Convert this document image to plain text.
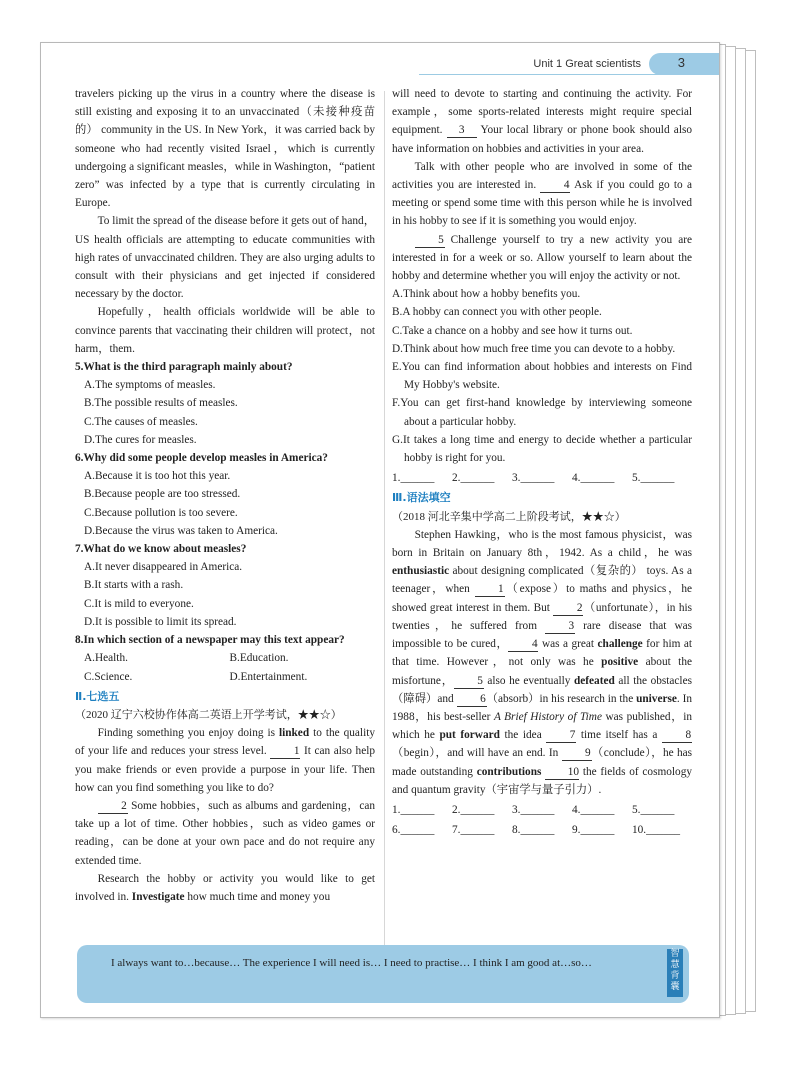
Unit 1 Great scientists	3

travelers picking up the virus in a country where the disease is still existing and exposing it to an unvaccinated（未接种疫苗的） community in the US. In New York，it was carried back by someone who had recently visited Israel，which is currently undergoing a significant measles，while in Washington，“patient zero” was infected by a type that is currently circulating in Europe.

To limit the spread of the disease before it gets out of hand，US health officials are attempting to educate communities with high rates of unvaccinated children. They are also urging adults to consult with their physicians and get injected if considered necessary by the doctor.

Hopefully，health officials worldwide will be able to convince parents that vaccinating their children will protect，not harm，them.

5.What is the third paragraph mainly about?

A.The symptoms of measles.

B.The possible results of measles.

C.The causes of measles.

D.The cures for measles.

6.Why did some people develop measles in America?

A.Because it is too hot this year.

B.Because people are too stressed.

C.Because pollution is too severe.

D.Because the virus was taken to America.

7.What do we know about measles?

A.It never disappeared in America.

B.It starts with a rash.

C.It is mild to everyone.

D.It is possible to limit its spread.

8.In which section of a newspaper may this text appear?

A.Health.	B.Education.
C.Science.	D.Entertainment.
Ⅱ.七选五
（2020 辽宁六校协作体高二英语上开学考试，★★☆）

Finding something you enjoy doing is linked to the quality of your life and reduces your stress level. 1 It can also help you make friends or even provide a purpose in your life. Then how can you find something you like to do?

2 Some hobbies，such as albums and gardening，can take up a lot of time. Other hobbies，such as video games or reading，can be done at your own pace and do not require any extended time.

Research the hobby or activity you would like to get involved in. Investigate how much time and money you

will need to devote to starting and continuing the activity. For example，some sports-related interests might require special equipment. 3 Your local library or phone book should also have information on hobbies and activities in your area.

Talk with other people who are involved in some of the activities you are interested in. 4 Ask if you could go to a meeting or spend some time with this person while he is involved in his hobby to see if it is something you would enjoy.

5 Challenge yourself to try a new activity you are interested in for a week or so. Allow yourself to learn about the hobby and determine whether you will enjoy the activity or not.

A.Think about how a hobby benefits you.

B.A hobby can connect you with other people.

C.Take a chance on a hobby and see how it turns out.

D.Think about how much free time you can devote to a hobby.

E.You can find information about hobbies and interests on Find My Hobby's website.

F.You can get first-hand knowledge by interviewing someone about a particular hobby.

G.It takes a long time and energy to decide whether a particular hobby is right for you.

1.______	2.______	3.______	4.______	5.______
Ⅲ.语法填空
（2018 河北辛集中学高二上阶段考试，★★☆）

Stephen Hawking，who is the most famous physicist，was born in Britain on January 8th，1942. As a child，he was enthusiastic about designing complicated（复杂的） toys. As a teenager，when 1（expose）to maths and physics，he showed great interest in them. But 2（unfortunate），in his twenties，he suffered from 3 rare disease that was impossible to be cured， 4 was a great challenge for him at that time. However，not only was he positive about the misfortune， 5 also he eventually defeated all the obstacles（障碍）and 6（absorb）in his research in the universe. In 1988，his best-seller A Brief History of Time was published，in which he put forward the idea 7 time itself has a 8（begin），and will have an end. In 9（conclude），he has made outstanding contributions 10 the fields of cosmology and quantum gravity（宇宙学与量子引力）.

1.______	2.______	3.______	4.______	5.______
6.______	7.______	8.______	9.______	10.______
I always want to…because… The experience I will need is… I need to practise… I think I am good at…so…
智慧背囊
